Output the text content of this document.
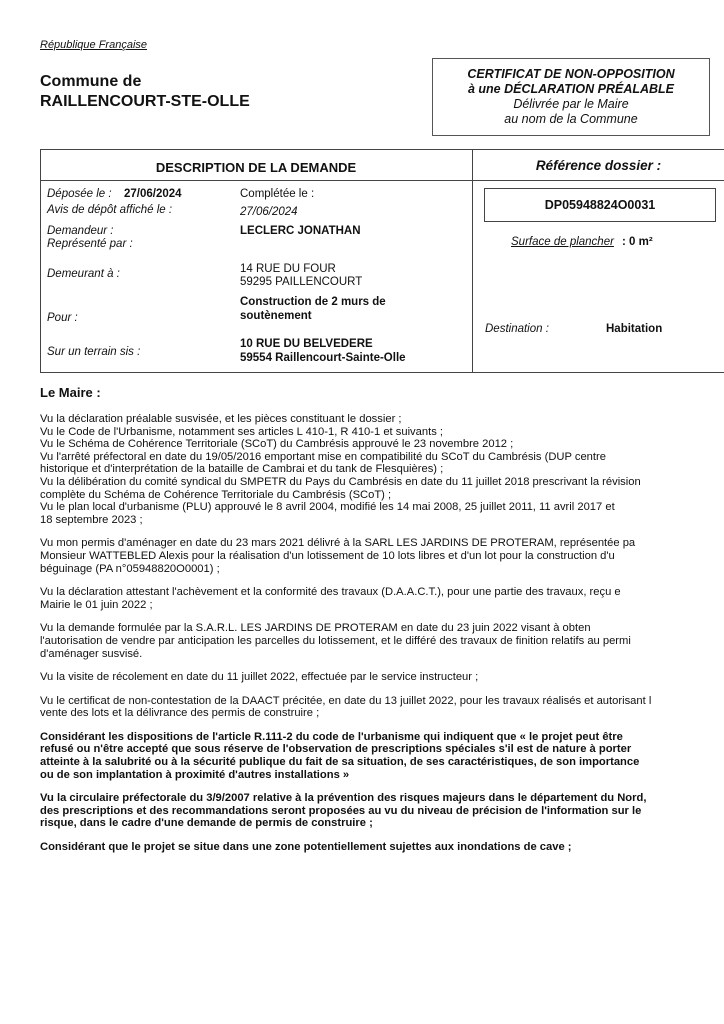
République Française
Commune de
RAILLENCOURT-STE-OLLE
CERTIFICAT DE NON-OPPOSITION
à une DÉCLARATION PRÉALABLE
Délivrée par le Maire
au nom de la Commune
DESCRIPTION DE LA DEMANDE	Référence dossier :
DP05948824O0031
Déposée le : 27/06/2024	Complétée le :
Avis de dépôt affiché le :	27/06/2024
Demandeur :	LECLERC JONATHAN
Représenté par :
Demeurant à :	14 RUE DU FOUR
59295 PAILLENCOURT
Pour :
Construction de 2 murs de
soutènement
Sur un terrain sis :
10 RUE DU BELVEDERE
59554 Raillencourt-Sainte-Olle
Surface de plancher : 0 m²
Destination :	Habitation
Le Maire :

Vu la déclaration préalable susvisée, et les pièces constituant le dossier ;

Vu le Code de l'Urbanisme, notamment ses articles L 410-1, R 410-1 et suivants ;

Vu le Schéma de Cohérence Territoriale (SCoT) du Cambrésis approuvé le 23 novembre 2012 ;

Vu l'arrêté préfectoral en date du 19/05/2016 emportant mise en compatibilité du SCoT du Cambrésis (DUP centre

historique et d'interprétation de la bataille de Cambrai et du tank de Flesquières) ;

Vu la délibération du comité syndical du SMPETR du Pays du Cambrésis en date du 11 juillet 2018 prescrivant la révision

complète du Schéma de Cohérence Territoriale du Cambrésis (SCoT) ;

Vu le plan local d'urbanisme (PLU) approuvé le 8 avril 2004, modifié les 14 mai 2008, 25 juillet 2011, 11 avril 2017 et

18 septembre 2023 ;

Vu mon permis d'aménager en date du 23 mars 2021 délivré à la SARL LES JARDINS DE PROTERAM, représentée pa

Monsieur WATTEBLED Alexis pour la réalisation d'un lotissement de 10 lots libres et d'un lot pour la construction d'u

béguinage (PA n°05948820O0001) ;

Vu la déclaration attestant l'achèvement et la conformité des travaux (D.A.A.C.T.), pour une partie des travaux, reçu e

Mairie le 01 juin 2022 ;

Vu la demande formulée par la S.A.R.L. LES JARDINS DE PROTERAM en date du 23 juin 2022 visant à obten

l'autorisation de vendre par anticipation les parcelles du lotissement, et le différé des travaux de finition relatifs au permi

d'aménager susvisé.

Vu la visite de récolement en date du 11 juillet 2022, effectuée par le service instructeur ;

Vu le certificat de non-contestation de la DAACT précitée, en date du 13 juillet 2022, pour les travaux réalisés et autorisant l

vente des lots et la délivrance des permis de construire ;

Considérant les dispositions de l'article R.111-2 du code de l'urbanisme qui indiquent que « le projet peut être

refusé ou n'être accepté que sous réserve de l'observation de prescriptions spéciales s'il est de nature à porter

atteinte à la salubrité ou à la sécurité publique du fait de sa situation, de ses caractéristiques, de son importance

ou de son implantation à proximité d'autres installations »

Vu la circulaire préfectorale du 3/9/2007 relative à la prévention des risques majeurs dans le département du Nord,

des prescriptions et des recommandations seront proposées au vu du niveau de précision de l'information sur le

risque, dans le cadre d'une demande de permis de construire ;

Considérant que le projet se situe dans une zone potentiellement sujettes aux inondations de cave ;
